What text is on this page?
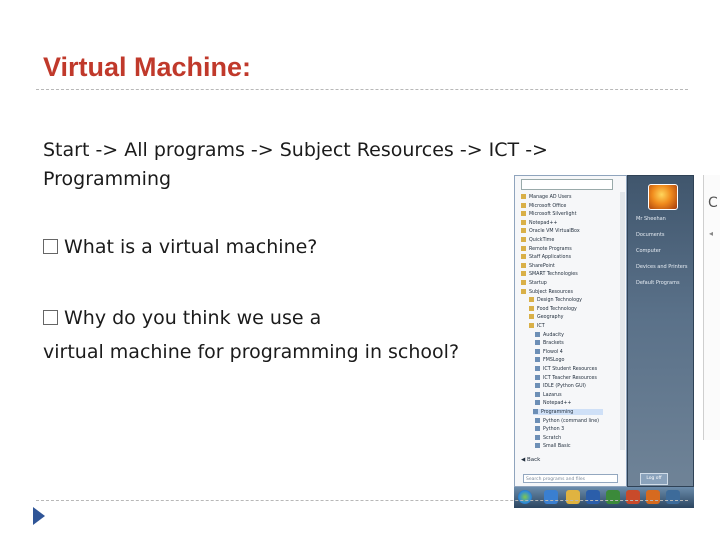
Virtual Machine:
Start -> All programs -> Subject Resources -> ICT ->
Programming
What is a virtual machine?
Why do you think we use a
virtual machine for programming in school?
Manage AD Users
Microsoft Office
Microsoft Silverlight
Notepad++
Oracle VM VirtualBox
QuickTime
Remote Programs
Staff Applications
SharePoint
SMART Technologies
Startup
Subject Resources
Design Technology
Food Technology
Geography
ICT
Audacity
Brackets
Flowol 4
FMSLogo
ICT Student Resources
ICT Teacher Resources
IDLE (Python GUI)
Lazarus
Notepad++
Programming
Python (command line)
Python 3
Scratch
Small Basic
◀ Back
Search programs and files
Mr Sheehan
Documents
Computer
Devices and Printers
Default Programs
Log off
C
◂
